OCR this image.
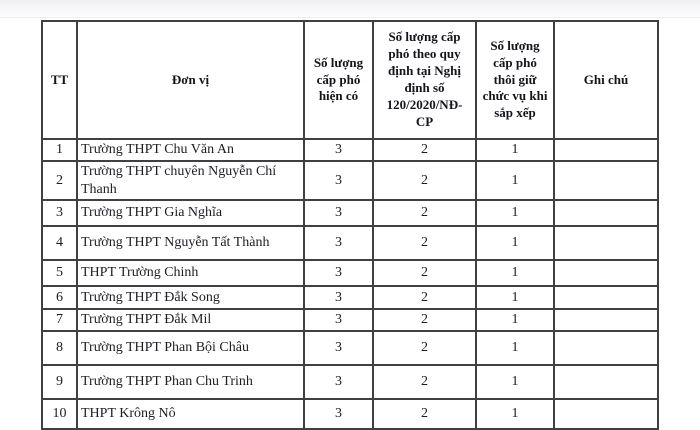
TT	Đơn vị	Số lượng cấp phó hiện có	Số lượng cấp phó theo quy định tại Nghị định số 120/2020/NĐ-CP	Số lượng cấp phó thôi giữ chức vụ khi sắp xếp	Ghi chú
1	Trường THPT Chu Văn An	3	2	1	
2	Trường THPT chuyên Nguyễn Chí Thanh	3	2	1	
3	Trường THPT Gia Nghĩa	3	2	1	
4	Trường THPT Nguyễn Tất Thành	3	2	1	
5	THPT Trường Chinh	3	2	1	
6	Trường THPT Đắk Song	3	2	1	
7	Trường THPT Đắk Mil	3	2	1	
8	Trường THPT Phan Bội Châu	3	2	1	
9	Trường THPT Phan Chu Trinh	3	2	1	
10	THPT Krông Nô	3	2	1	
